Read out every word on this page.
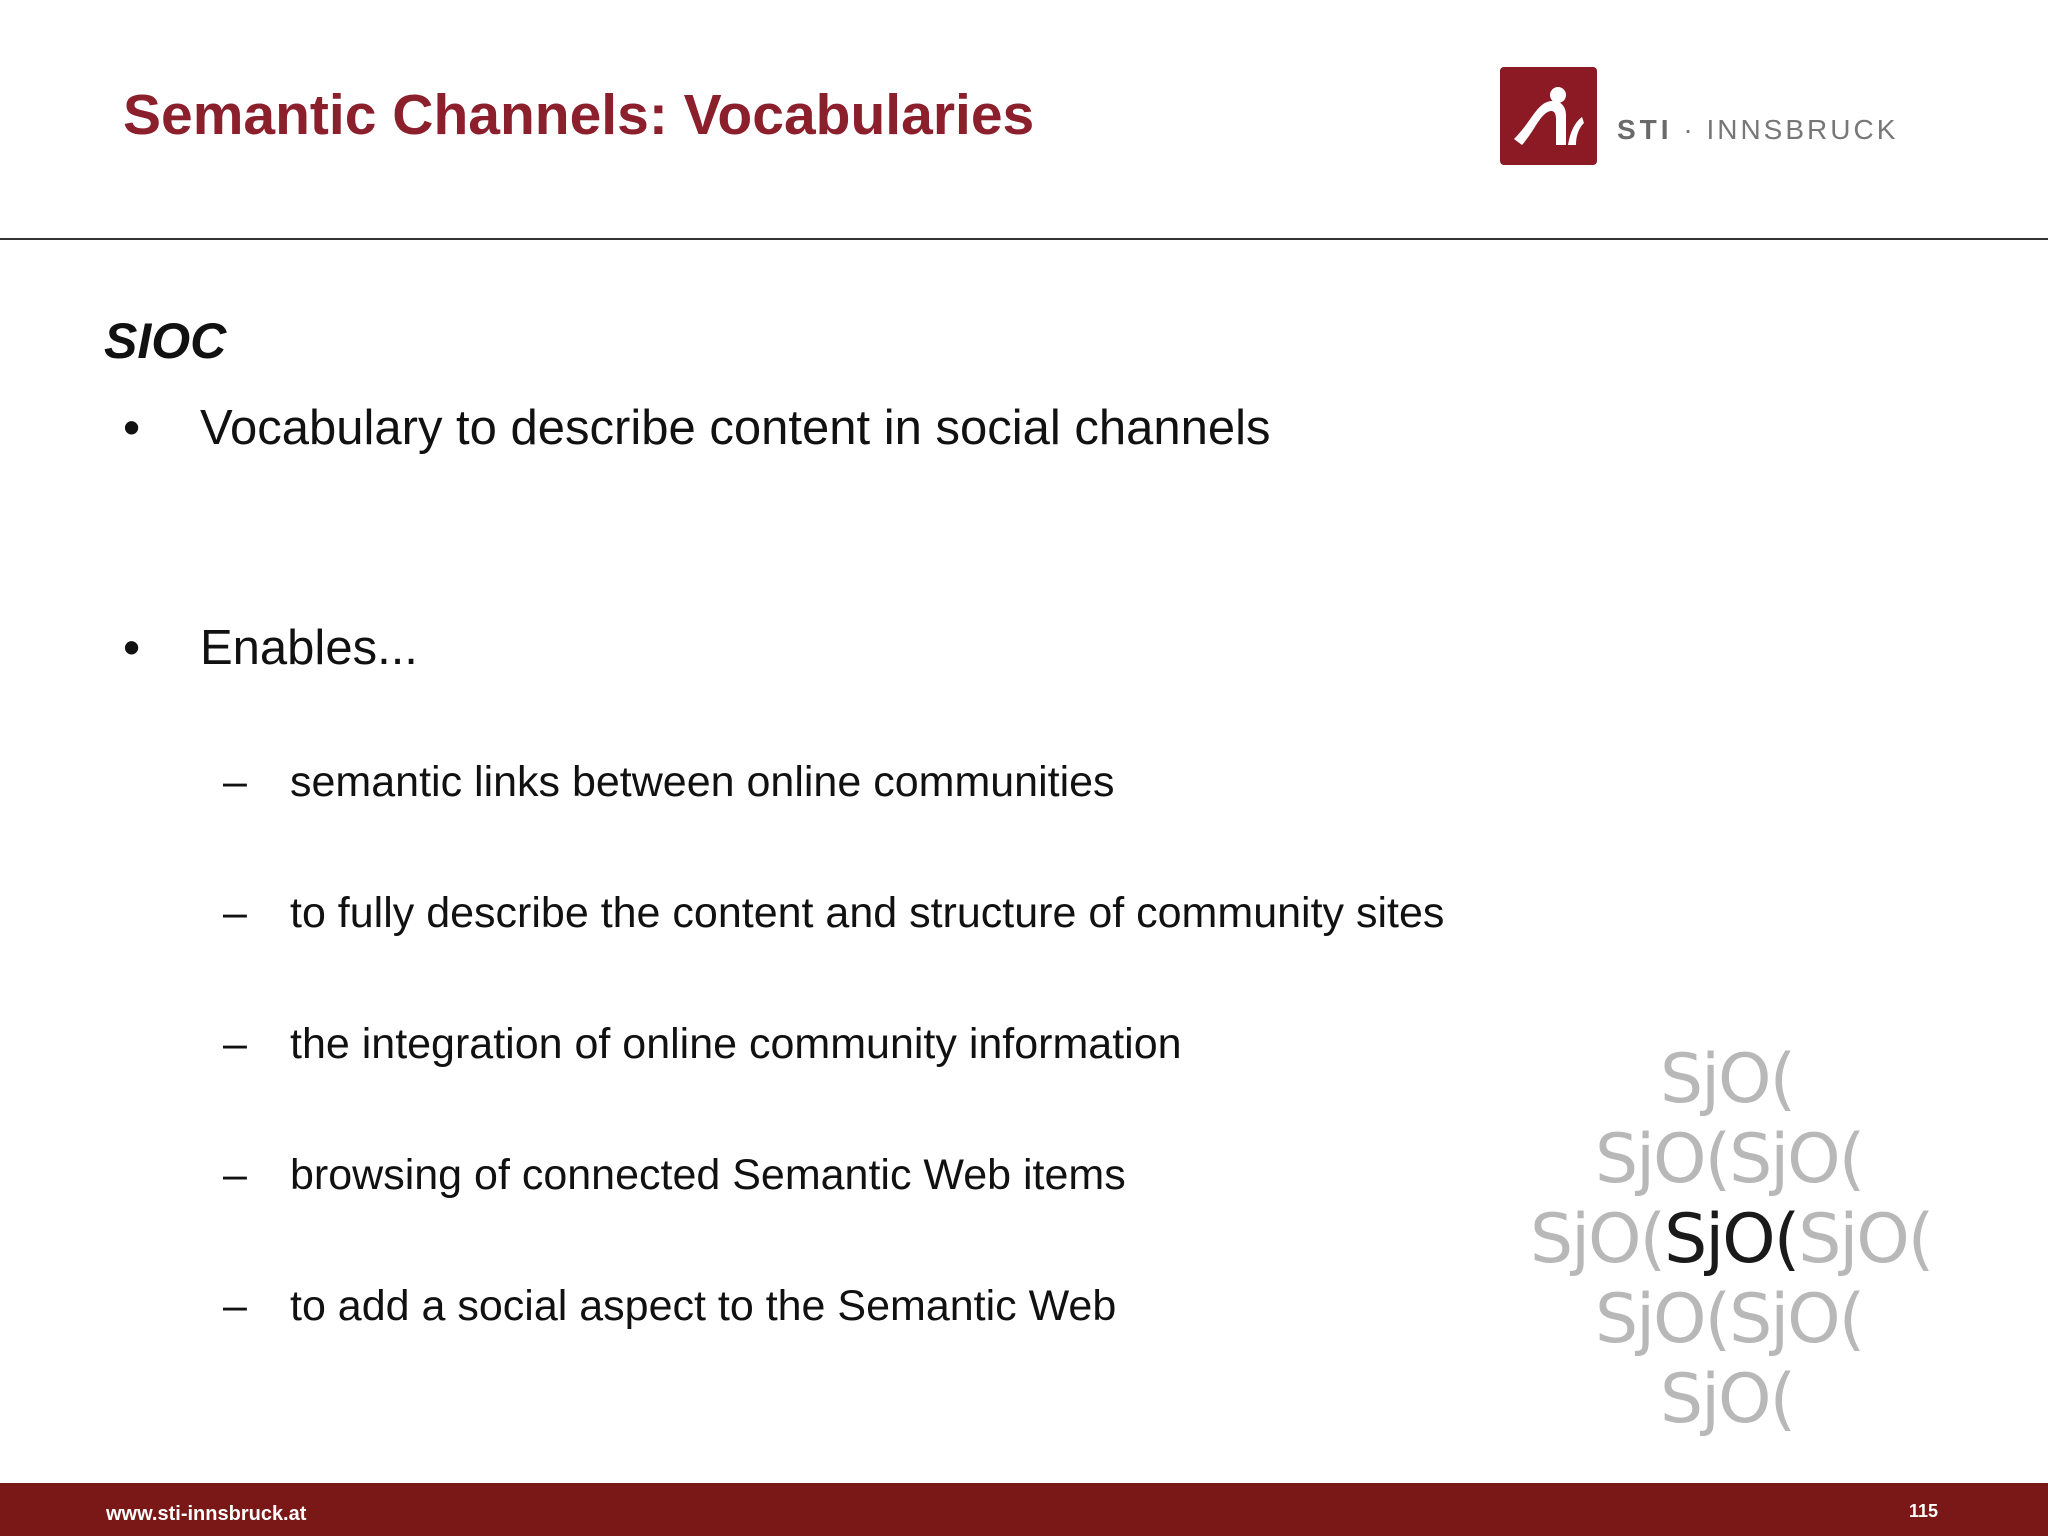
Semantic Channels: Vocabularies	STI · INNSBRUCK
SIOC
• Vocabulary to describe content in social channels
• Enables...
– semantic links between online communities
– to fully describe the content and structure of community sites
– the integration of online community information
– browsing of connected Semantic Web items
– to add a social aspect to the Semantic Web
SjO(
SjO(SjO(
SjO(SjO(SjO(
SjO(SjO(
SjO(
www.sti-innsbruck.at	115
